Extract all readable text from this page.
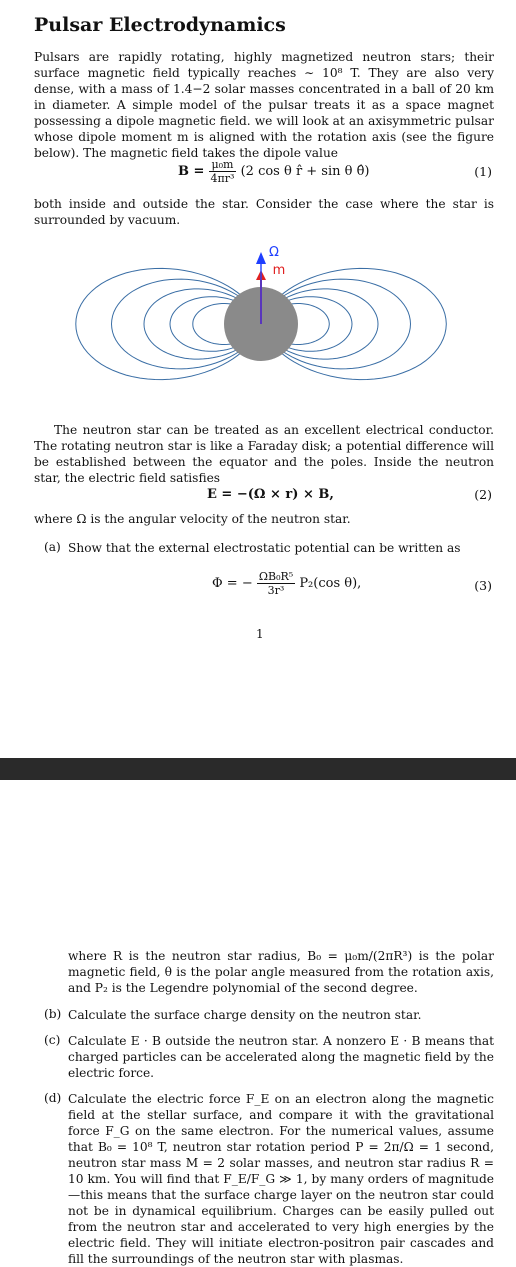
Pulsar Electrodynamics

Pulsars are rapidly rotating, highly magnetized neutron stars; their surface magnetic field typically reaches ∼ 10⁸ T. They are also very dense, with a mass of 1.4−2 solar masses concentrated in a ball of 20 km in diameter. A simple model of the pulsar treats it as a space magnet possessing a dipole magnetic field. we will look at an axisymmetric pulsar whose dipole moment m is aligned with the rotation axis (see the figure below). The magnetic field takes the dipole value

$B = \frac{\text{μ₀m}}{\text{4πr³}} (2$ cos θ r̂ + sin θ θ̂)	(1)

both inside and outside the star. Consider the case where the star is surrounded by vacuum.

Ω
m

The neutron star can be treated as an excellent electrical conductor. The rotating neutron star is like a Faraday disk; a potential difference will be established between the equator and the poles. Inside the neutron star, the electric field satisfies

E = −(Ω × r) × B,	(2)

where Ω is the angular velocity of the neutron star.

(a) Show that the external electrostatic potential can be written as
Φ = − $\frac{\text{ΩB₀R⁵}}{\text{3r³}} P_2(\cos$ θ),	(3)
1
where R is the neutron star radius, B₀ = μ₀m/(2πR³) is the polar magnetic field, θ is the polar angle measured from the rotation axis, and P₂ is the Legendre polynomial of the second degree.
(b) Calculate the surface charge density on the neutron star.
(c) Calculate E · B outside the neutron star. A nonzero E · B means that charged particles can be accelerated along the magnetic field by the electric force.
(d) Calculate the electric force F_E on an electron along the magnetic field at the stellar surface, and compare it with the gravitational force F_G on the same electron. For the numerical values, assume that B₀ = 10⁸ T, neutron star rotation period P = 2π/Ω = 1 second, neutron star mass M = 2 solar masses, and neutron star radius R = 10 km. You will find that F_E/F_G ≫ 1, by many orders of magnitude—this means that the surface charge layer on the neutron star could not be in dynamical equilibrium. Charges can be easily pulled out from the neutron star and accelerated to very high energies by the electric field. They will initiate electron-positron pair cascades and fill the surroundings of the neutron star with plasmas.
